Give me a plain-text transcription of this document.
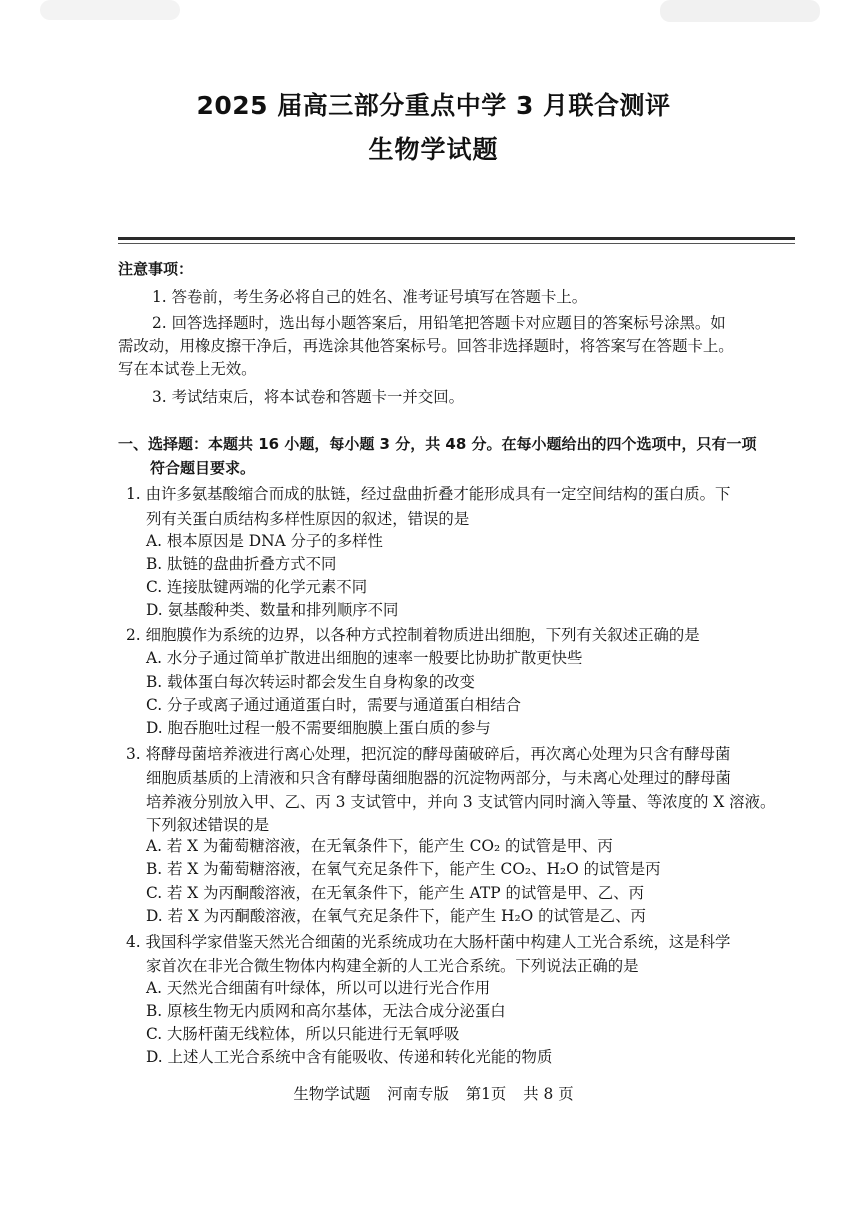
2025 届高三部分重点中学 3 月联合测评
生物学试题
注意事项：
1. 答卷前，考生务必将自己的姓名、准考证号填写在答题卡上。
2. 回答选择题时，选出每小题答案后，用铅笔把答题卡对应题目的答案标号涂黑。如
需改动，用橡皮擦干净后，再选涂其他答案标号。回答非选择题时，将答案写在答题卡上。
写在本试卷上无效。
3. 考试结束后，将本试卷和答题卡一并交回。
一、选择题：本题共 16 小题，每小题 3 分，共 48 分。在每小题给出的四个选项中，只有一项
符合题目要求。
1. 由许多氨基酸缩合而成的肽链，经过盘曲折叠才能形成具有一定空间结构的蛋白质。下
列有关蛋白质结构多样性原因的叙述，错误的是
A. 根本原因是 DNA 分子的多样性
B. 肽链的盘曲折叠方式不同
C. 连接肽键两端的化学元素不同
D. 氨基酸种类、数量和排列顺序不同
2. 细胞膜作为系统的边界，以各种方式控制着物质进出细胞，下列有关叙述正确的是
A. 水分子通过简单扩散进出细胞的速率一般要比协助扩散更快些
B. 载体蛋白每次转运时都会发生自身构象的改变
C. 分子或离子通过通道蛋白时，需要与通道蛋白相结合
D. 胞吞胞吐过程一般不需要细胞膜上蛋白质的参与
3. 将酵母菌培养液进行离心处理，把沉淀的酵母菌破碎后，再次离心处理为只含有酵母菌
细胞质基质的上清液和只含有酵母菌细胞器的沉淀物两部分，与未离心处理过的酵母菌
培养液分别放入甲、乙、丙 3 支试管中，并向 3 支试管内同时滴入等量、等浓度的 X 溶液。
下列叙述错误的是
A. 若 X 为葡萄糖溶液，在无氧条件下，能产生 CO₂ 的试管是甲、丙
B. 若 X 为葡萄糖溶液，在氧气充足条件下，能产生 CO₂、H₂O 的试管是丙
C. 若 X 为丙酮酸溶液，在无氧条件下，能产生 ATP 的试管是甲、乙、丙
D. 若 X 为丙酮酸溶液，在氧气充足条件下，能产生 H₂O 的试管是乙、丙
4. 我国科学家借鉴天然光合细菌的光系统成功在大肠杆菌中构建人工光合系统，这是科学
家首次在非光合微生物体内构建全新的人工光合系统。下列说法正确的是
A. 天然光合细菌有叶绿体，所以可以进行光合作用
B. 原核生物无内质网和高尔基体，无法合成分泌蛋白
C. 大肠杆菌无线粒体，所以只能进行无氧呼吸
D. 上述人工光合系统中含有能吸收、传递和转化光能的物质
生物学试题 河南专版 第1页 共 8 页
